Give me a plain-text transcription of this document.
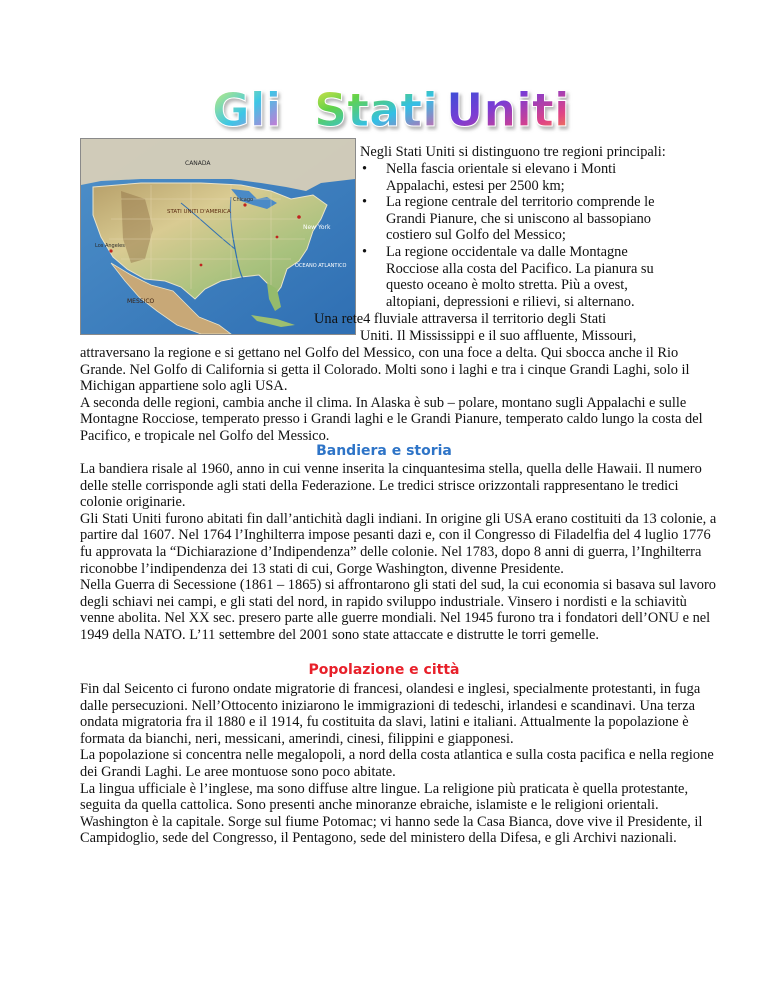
Gli Stati Uniti
CANADA
STATI UNITI D'AMERICA
New York
MESSICO
OCEANO ATLANTICO
Chicago
Los Angeles
Negli Stati Uniti si distinguono tre regioni principali:
• Nella fascia orientale si elevano i Monti
Appalachi, estesi per 2500 km;
• La regione centrale del territorio comprende le
Grandi Pianure, che si uniscono al bassopiano
costiero sul Golfo del Messico;
• La regione occidentale va dalle Montagne
Rocciose alla costa del Pacifico. La pianura su
questo oceano è molto stretta. Più a ovest,
altopiani, depressioni e rilievi, si alternano.
Una rete4 fluviale attraversa il territorio degli Stati
Uniti. Il Mississippi e il suo affluente, Missouri,

attraversano la regione e si gettano nel Golfo del Messico, con una foce a delta. Qui sbocca anche il Rio Grande. Nel Golfo di California si getta il Colorado. Molti sono i laghi e tra i cinque Grandi Laghi, solo il Michigan appartiene solo agli USA.

A seconda delle regioni, cambia anche il clima. In Alaska è sub – polare, montano sugli Appalachi e sulle Montagne Rocciose, temperato presso i Grandi laghi e le Grandi Pianure, temperato caldo lungo la costa del Pacifico, e tropicale nel Golfo del Messico.

Bandiera e storia

La bandiera risale al 1960, anno in cui venne inserita la cinquantesima stella, quella delle Hawaii. Il numero delle stelle corrisponde agli stati della Federazione. Le tredici strisce orizzontali rappresentano le tredici colonie originarie.

Gli Stati Uniti furono abitati fin dall’antichità dagli indiani. In origine gli USA erano costituiti da 13 colonie, a partire dal 1607. Nel 1764 l’Inghilterra impose pesanti dazi e, con il Congresso di Filadelfia del 4 luglio 1776 fu approvata la “Dichiarazione d’Indipendenza” delle colonie. Nel 1783, dopo 8 anni di guerra, l’Inghilterra riconobbe l’indipendenza dei 13 stati di cui, Gorge Washington, divenne Presidente.

Nella Guerra di Secessione (1861 – 1865) si affrontarono gli stati del sud, la cui economia si basava sul lavoro degli schiavi nei campi, e gli stati del nord, in rapido sviluppo industriale. Vinsero i nordisti e la schiavitù venne abolita. Nel XX sec. presero parte alle guerre mondiali. Nel 1945 furono tra i fondatori dell’ONU e nel 1949 della NATO. L’11 settembre del 2001 sono state attaccate e distrutte le torri gemelle.

Popolazione e città

Fin dal Seicento ci furono ondate migratorie di francesi, olandesi e inglesi, specialmente protestanti, in fuga dalle persecuzioni. Nell’Ottocento iniziarono le immigrazioni di tedeschi, irlandesi e scandinavi. Una terza ondata migratoria fra il 1880 e il 1914, fu costituita da slavi, latini e italiani. Attualmente la popolazione è formata da bianchi, neri, messicani, amerindi, cinesi, filippini e giapponesi.

La popolazione si concentra nelle megalopoli, a nord della costa atlantica e sulla costa pacifica e nella regione dei Grandi Laghi. Le aree montuose sono poco abitate.

La lingua ufficiale è l’inglese, ma sono diffuse altre lingue. La religione più praticata è quella protestante, seguita da quella cattolica. Sono presenti anche minoranze ebraiche, islamiste e le religioni orientali.

Washington è la capitale. Sorge sul fiume Potomac; vi hanno sede la Casa Bianca, dove vive il Presidente, il Campidoglio, sede del Congresso, il Pentagono, sede del ministero della Difesa, e gli Archivi nazionali.
